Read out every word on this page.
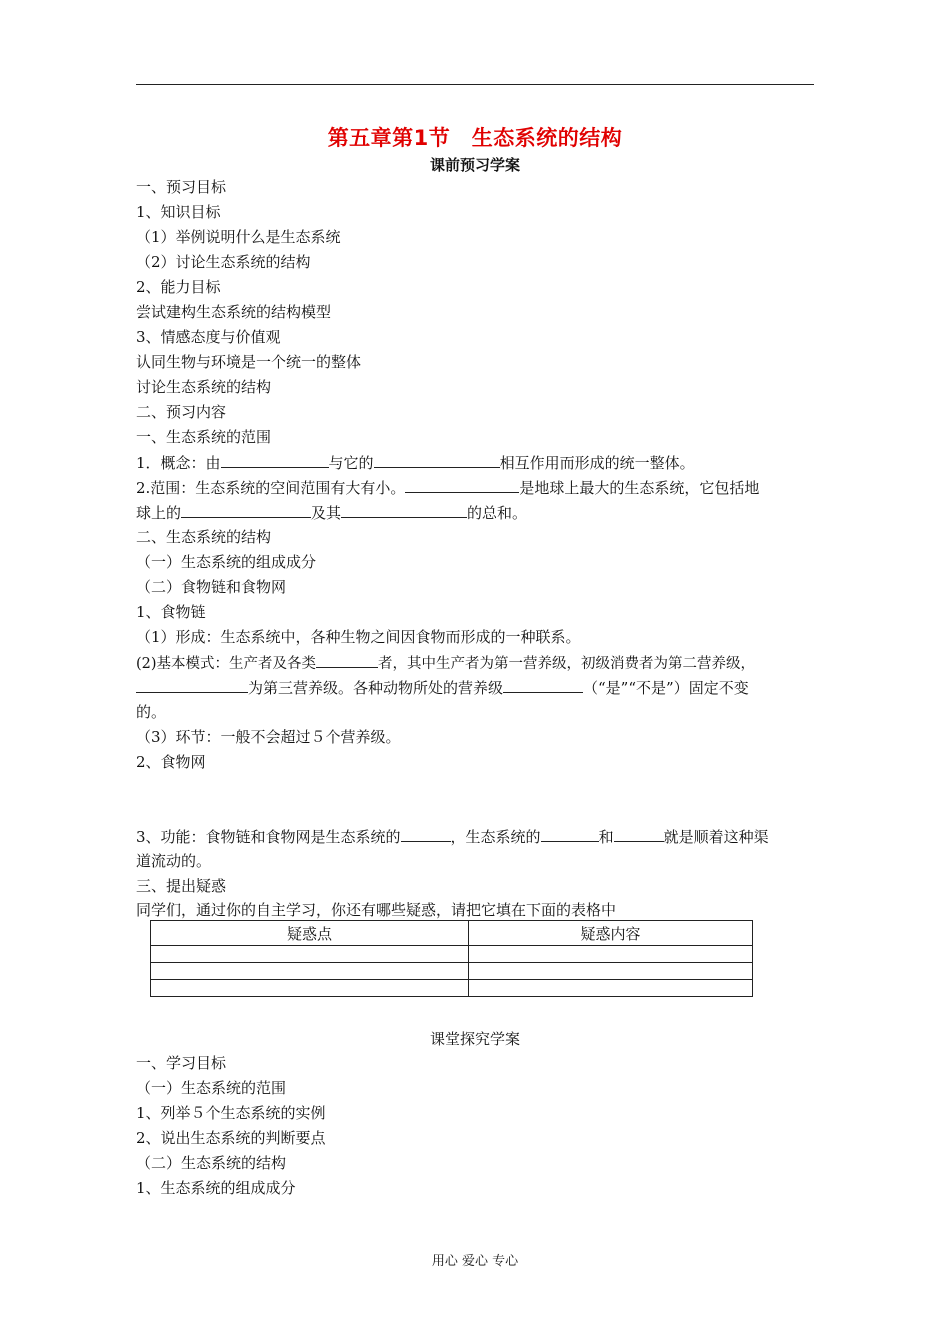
第五章第1节　生态系统的结构
课前预习学案
一、预习目标
1、知识目标
（1）举例说明什么是生态系统
（2）讨论生态系统的结构
2、能力目标
尝试建构生态系统的结构模型
3、情感态度与价值观
认同生物与环境是一个统一的整体
讨论生态系统的结构
二、预习内容
一、生态系统的范围
1．概念：由	与它的	相互作用而形成的统一整体。
2.范围：生态系统的空间范围有大有小。	是地球上最大的生态系统，它包括地
球上的	及其	的总和。
二、生态系统的结构
（一）生态系统的组成成分
（二）食物链和食物网
1、食物链
（1）形成：生态系统中，各种生物之间因食物而形成的一种联系。
(2)基本模式：生产者及各类	者，其中生产者为第一营养级，初级消费者为第二营养级，
为第三营养级。各种动物所处的营养级	（“是”“不是”）固定不变
的。
（3）环节：一般不会超过５个营养级。
2、食物网
3、功能：食物链和食物网是生态系统的	，生态系统的	和	就是顺着这种渠
道流动的。
三、提出疑惑
同学们，通过你的自主学习，你还有哪些疑惑，请把它填在下面的表格中
疑惑点	疑惑内容

课堂探究学案
一、学习目标
（一）生态系统的范围
1、列举５个生态系统的实例
2、说出生态系统的判断要点
（二）生态系统的结构
1、生态系统的组成成分
用心 爱心 专心
